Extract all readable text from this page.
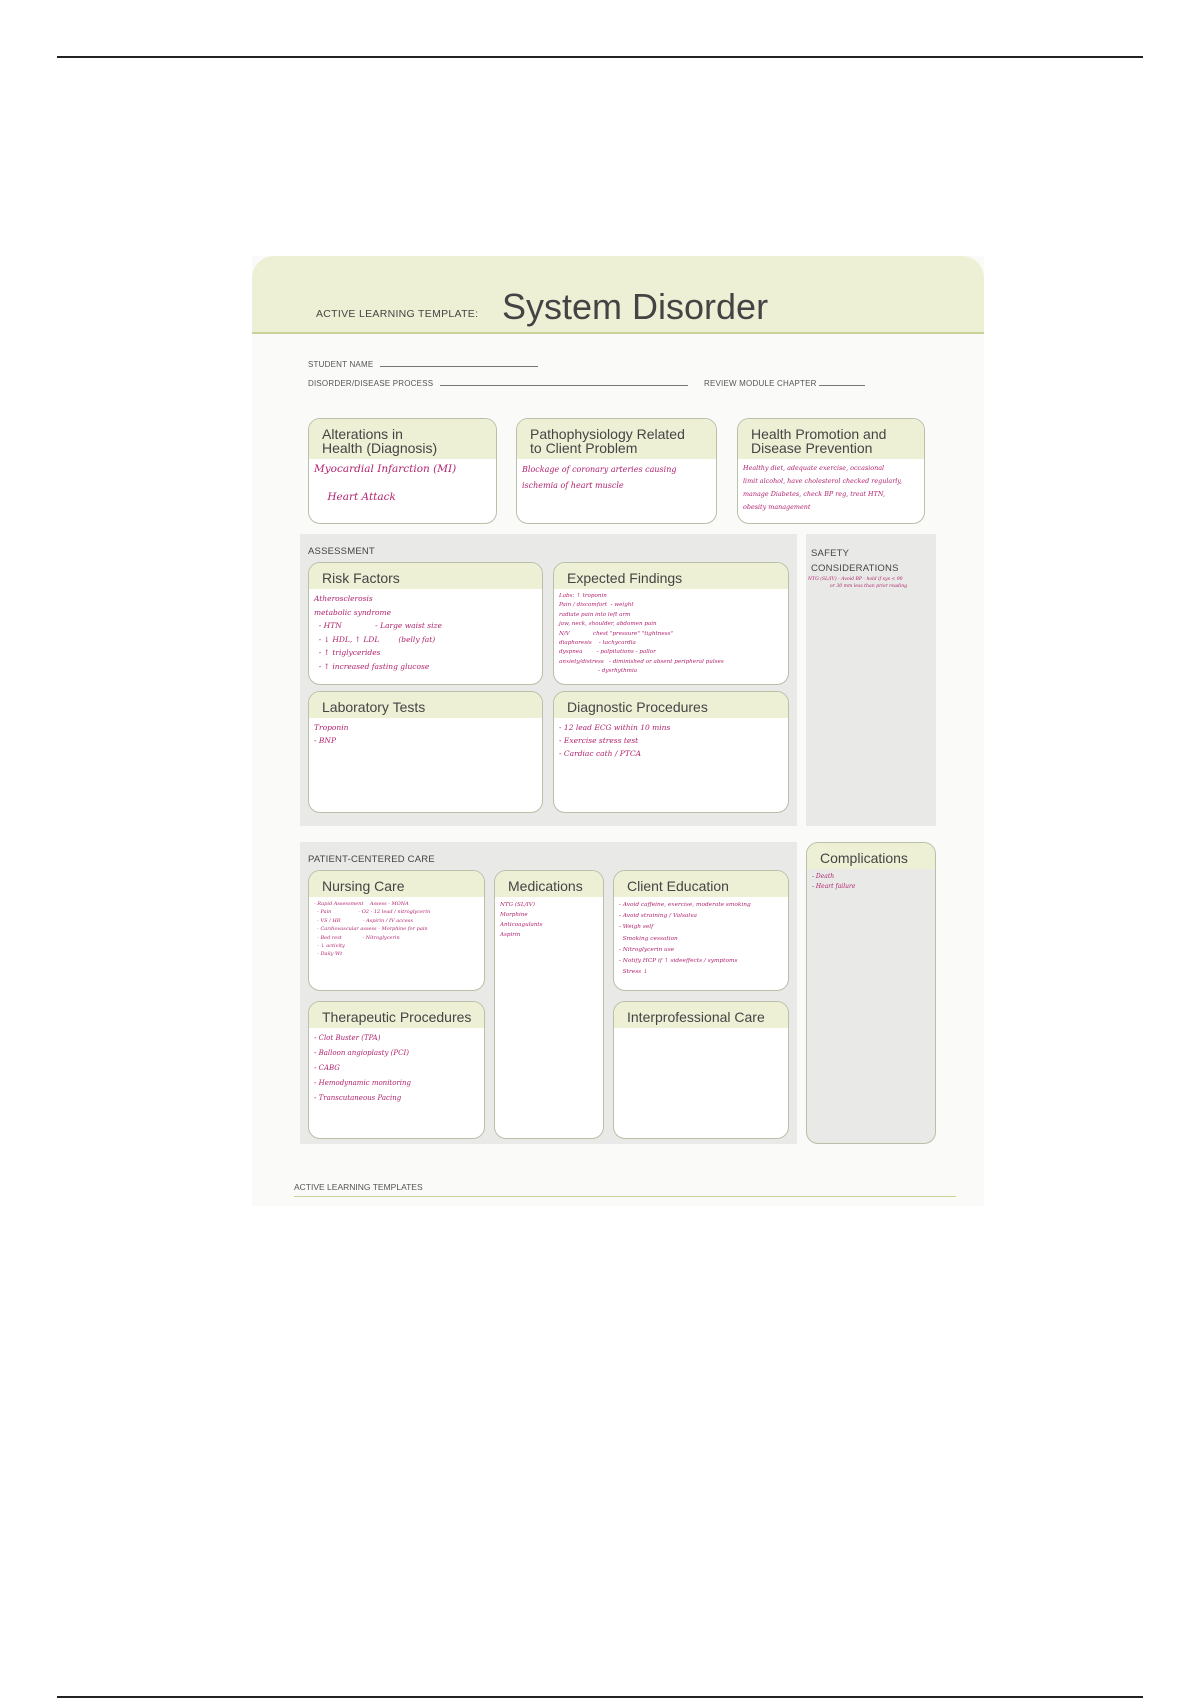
ACTIVE LEARNING TEMPLATE: System Disorder
STUDENT NAME
DISORDER/DISEASE PROCESS	REVIEW MODULE CHAPTER
Alterations in
Health (Diagnosis)
Myocardial Infarction (MI)

Heart Attack
Pathophysiology Related
to Client Problem
Blockage of coronary arteries causing
ischemia of heart muscle
Health Promotion and
Disease Prevention
Healthy diet, adequate exercise, occasional
limit alcohol, have cholesterol checked regularly,
manage Diabetes, check BP reg, treat HTN,
obesity management
ASSESSMENT
Risk Factors
Atherosclerosis
metabolic syndrome
- HTN              - Large waist size
- ↓ HDL, ↑ LDL        (belly fat)
- ↑ triglycerides
- ↑ increased fasting glucose
Expected Findings
Labs: ↑ troponin
Pain / discomfort  - weight
radiate pain into left arm
jaw, neck, shoulder, abdomen pain
N/V             chest "pressure" "tightness"
diaphoresis    - tachycardia
dyspnea        - palpitations - pallor
anxiety/distress   - diminished or absent peripheral pulses
- dysrhythmia
Laboratory Tests
Troponin
- BNP
Diagnostic Procedures
- 12 lead ECG within 10 mins
- Exercise stress test
- Cardiac cath / PTCA
SAFETY
CONSIDERATIONS
NTG (SL/IV) - Avoid BP - hold if sys < 90
or 30 mm less than prior reading
PATIENT-CENTERED CARE
Nursing Care
- Rapid Assessment    Assess - MONA
- Pain                 - O2 - 12 lead / nitroglycerin
- VS / HR              - Aspirin / IV access
- Cardiovascular assess - Morphine for pain
- Bed rest             - Nitroglycerin
- ↓ activity
- Daily Wt
Medications
NTG (SL/IV)
Morphine
Anticoagulants
Aspirin
Client Education
- Avoid caffeine, exercise, moderate smoking
- Avoid straining / Valsalva
- Weigh self
Smoking cessation
- Nitroglycerin use
- Notify HCP if ↑ sideeffects / symptoms
Stress ↓
Therapeutic Procedures
- Clot Buster (TPA)
- Balloon angioplasty (PCI)
- CABG
- Hemodynamic monitoring
- Transcutaneous Pacing
Interprofessional Care
Complications
- Death
- Heart failure
ACTIVE LEARNING TEMPLATES
